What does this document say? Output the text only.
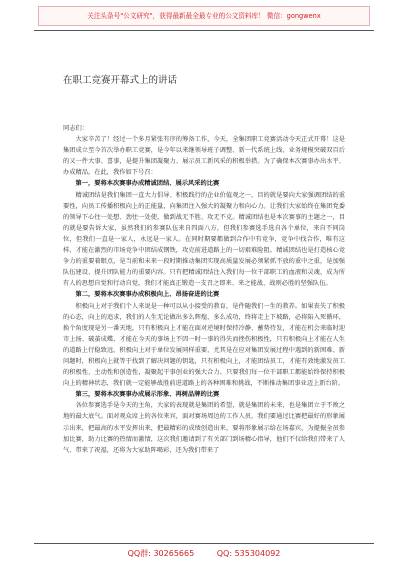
关注头条号"公文研究"，获得最新最全最专业的公文资料库！ 微信：gongwenx
在职工竞赛开幕式上的讲话

同志们：

大家辛苦了！经过一个多月紧张有序的筹备工作，今天，全集团职工竞赛活动今天正式开幕！这是集团成立至今首次举办职工竞赛，是今年以来继领导班子调整、新一代系统上线、业务规模突破双百后的又一件大事、喜事，是提升集团凝聚力、展示员工新风采的积极举措。为了确保本次赛事办出水平、办成精品，在此，我作如下号召：

第一，要将本次赛事办成精诚团结、展示风采的比赛

精诚团结是我们集团一直大力倡导、积极践行的企业价值观之一，目的就是要向大家强调团结的重要性，向员工传播积极向上的正能量，向集团注入强大的凝聚力和向心力。让我们大家始终在集团党委的领导下心往一处想、劲往一处使，做到战无不胜、攻无不克。精诚团结也是本次赛事的主题之一，目的就是要告诉大家，虽然我们的参赛队伍来自四面八方，但我们参赛选手选自各个单位，来自不同岗位，但我们一直是一家人，永远是一家人。在同时期要都做到合作中有竞争，竞争中找合作，唯有这样，才能在激烈的市场竞争中团结成钢铁，攻克前进道路上的一切艰难险阻。精诚团结也是打造核心竞争力的重要着眼点，是当前和未来一段时期推动集团实现高质量发展必须紧抓不放的重中之重，是加强队伍建设、提升团队能力的重要内容。只有把精诚团结注入我们每一位干部职工的血液和灵魂，成为所有人的思想自觉和行动自觉，我们才能真正锻造一支召之即来、来之能战、战则必胜的坚强队伍。

第二，要将本次赛事办成积极向上、昂扬奋进的比赛

积极向上对于我们个人来说是一种可以从小接受的教育，是件随我们一生的教养。如果丧失了积极的心态，向上的追求，我们的人生无论做出多么辉煌，多么成功，终将走上下坡路，必将陷入死循环，换个角度现是另一番天地，只有积极向上才能在面对逆境时保持冷静、蓄势待发，才能在机会来临时迎市上扬、破茧成蝶，才能在今天的事场上不因一时一事的得失而挫伤积极性，只有积极向上才能在人生的道路上行稳致远。积极向上对于单位发展同样重要，尤其是在应对集团发展过程中遇到的新困难、新问题时，积极向上就等于找到了解决问题的钥匙，只有积极向上，才能团结员工，才能有效地激发员工的积极性、主动性和创造性，凝聚起干事创业的强大合力。只要我们每一位干部职工都能始终保持积极向上的精神状态，我们就一定能够战胜前进道路上的各种困难和挑战，不断推动集团事业迈上新台阶。

第三，要将本次赛事办成展示形象、再树品牌的比赛

各位参赛选手是今天的主角，大家的表现就是集团的希望，就是集团的未来，也是集团立于不败之地的最大底气。面对观众席上的各位来宾，面对赛场周边的工作人员，我们要通过比赛把最好的形象展示出来，把最高的水平发挥出来，把最精彩的成绩创造出来，要将形象展示给在场嘉宾，为提振全员参加比赛，助力比赛的热情而激情，这次我们邀请到了有关部门到场精心指导，他们不仅给我们带来了人气、带来了祝福，还将为大家助阵喝彩，还为我们带来了

QQ群: 30265665	QQ: 535304092
